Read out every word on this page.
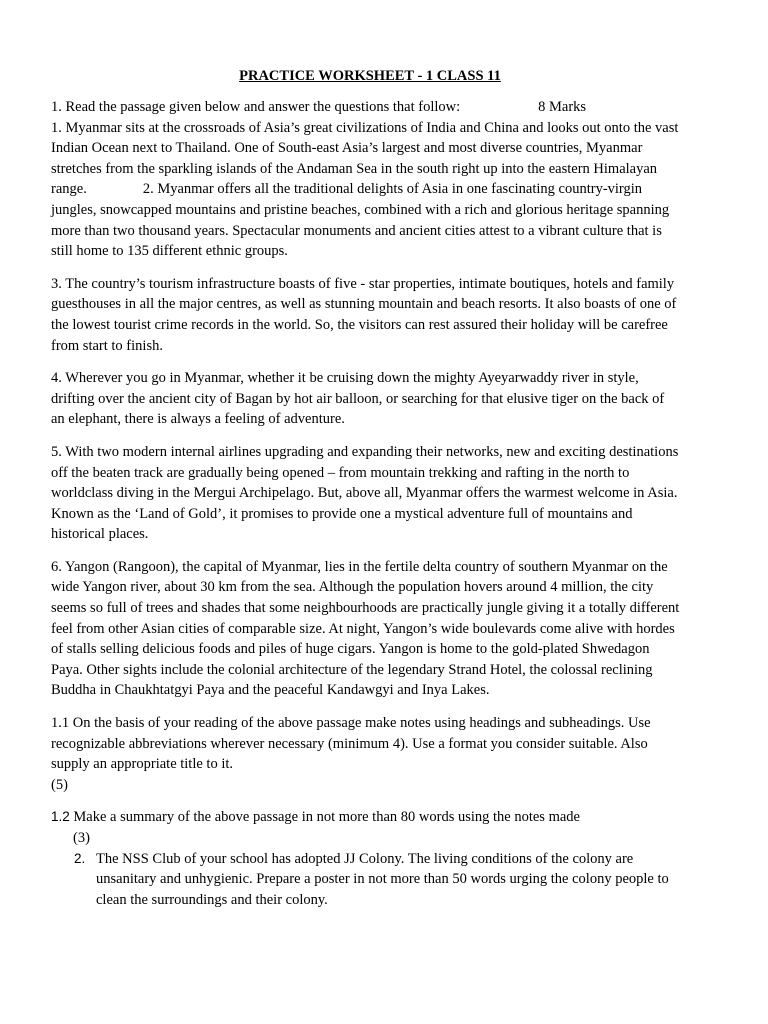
PRACTICE WORKSHEET - 1 CLASS 11
1. Read the passage given below and answer the questions that follow:	8 Marks
1. Myanmar sits at the crossroads of Asia’s great civilizations of India and China and looks out onto the vast Indian Ocean next to Thailand. One of South-east Asia’s largest and most diverse countries, Myanmar stretches from the sparkling islands of the Andaman Sea in the south right up into the eastern Himalayan range.	2. Myanmar offers all the traditional delights of Asia in one fascinating country-virgin jungles, snowcapped mountains and pristine beaches, combined with a rich and glorious heritage spanning more than two thousand years. Spectacular monuments and ancient cities attest to a vibrant culture that is still home to 135 different ethnic groups.
3. The country’s tourism infrastructure boasts of five - star properties, intimate boutiques, hotels and family guesthouses in all the major centres, as well as stunning mountain and beach resorts. It also boasts of one of the lowest tourist crime records in the world. So, the visitors can rest assured their holiday will be carefree from start to finish.
4. Wherever you go in Myanmar, whether it be cruising down the mighty Ayeyarwaddy river in style, drifting over the ancient city of Bagan by hot air balloon, or searching for that elusive tiger on the back of an elephant, there is always a feeling of adventure.
5. With two modern internal airlines upgrading and expanding their networks, new and exciting destinations off the beaten track are gradually being opened – from mountain trekking and rafting in the north to worldclass diving in the Mergui Archipelago. But, above all, Myanmar offers the warmest welcome in Asia. Known as the ‘Land of Gold’, it promises to provide one a mystical adventure full of mountains and historical places.
6. Yangon (Rangoon), the capital of Myanmar, lies in the fertile delta country of southern Myanmar on the wide Yangon river, about 30 km from the sea. Although the population hovers around 4 million, the city seems so full of trees and shades that some neighbourhoods are practically jungle giving it a totally different feel from other Asian cities of comparable size. At night, Yangon’s wide boulevards come alive with hordes of stalls selling delicious foods and piles of huge cigars. Yangon is home to the gold-plated Shwedagon Paya. Other sights include the colonial architecture of the legendary Strand Hotel, the colossal reclining Buddha in Chaukhtatgyi Paya and the peaceful Kandawgyi and Inya Lakes.
1.1 On the basis of your reading of the above passage make notes using headings and subheadings. Use recognizable abbreviations wherever necessary (minimum 4). Use a format you consider suitable. Also supply an appropriate title to it.
(5)
1.2 Make a summary of the above passage in not more than 80 words using the notes made
(3)
2. The NSS Club of your school has adopted JJ Colony. The living conditions of the colony are unsanitary and unhygienic. Prepare a poster in not more than 50 words urging the colony people to clean the surroundings and their colony.
